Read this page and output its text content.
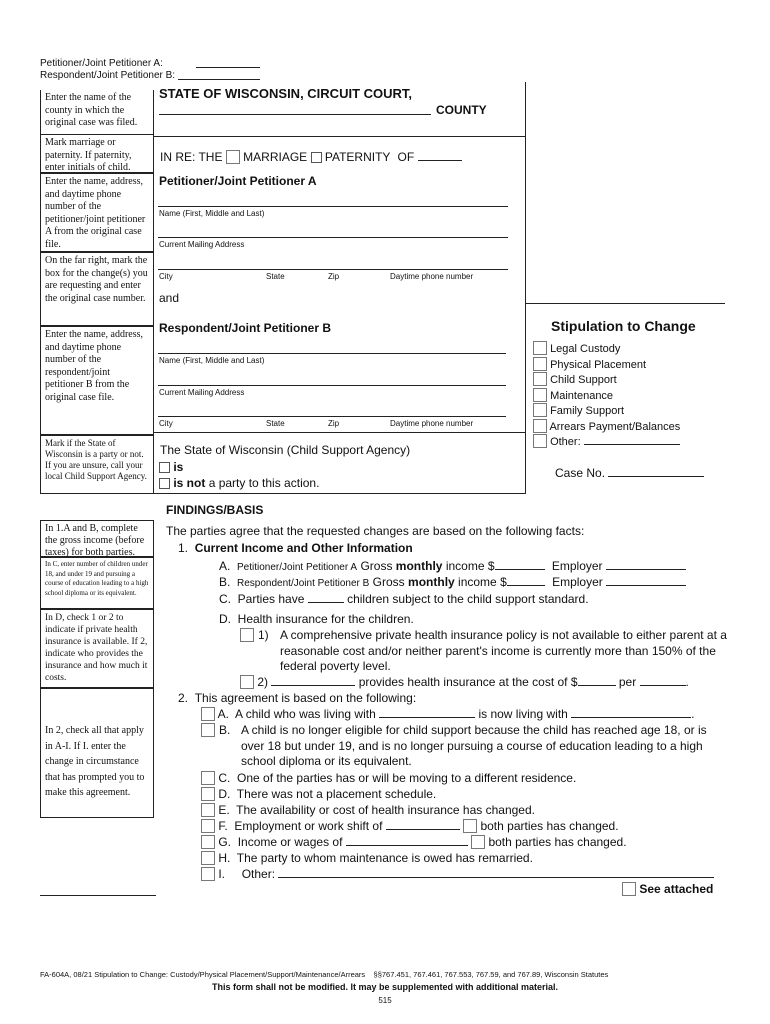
Petitioner/Joint Petitioner A:
Respondent/Joint Petitioner B:
STATE OF WISCONSIN, CIRCUIT COURT,
COUNTY
Enter the name of the county in which the original case was filed.
Mark marriage or paternity. If paternity, enter initials of child.
Enter the name, address, and daytime phone number of the petitioner/joint petitioner A from the original case file.
On the far right, mark the box for the change(s) you are requesting and enter the original case number.
Enter the name, address, and daytime phone number of the respondent/joint petitioner B from the original case file.
Mark if the State of Wisconsin is a party or not. If you are unsure, call your local Child Support Agency.
IN RE: THE MARRIAGE PATERNITY OF
Petitioner/Joint Petitioner A
Name (First, Middle and Last)
Current Mailing Address
City	State	Zip	Daytime phone number
and
Respondent/Joint Petitioner B
Name (First, Middle and Last)
Current Mailing Address
City	State	Zip	Daytime phone number
The State of Wisconsin (Child Support Agency)
is
is not a party to this action.
Stipulation to Change
Legal Custody
Physical Placement
Child Support
Maintenance
Family Support
Arrears Payment/Balances
Other:
Case No.
FINDINGS/BASIS
In 1.A and B, complete the gross income (before taxes) for both parties.
In C, enter number of children under 18, and under 19 and pursuing a course of education leading to a high school diploma or its equivalent.
In D, check 1 or 2 to indicate if private health insurance is available. If 2, indicate who provides the insurance and how much it costs.
In 2, check all that apply in A-I. If I. enter the change in circumstance that has prompted you to make this agreement.
The parties agree that the requested changes are based on the following facts:
1. Current Income and Other Information
A. Petitioner/Joint Petitioner A Gross monthly income $	Employer
B. Respondent/Joint Petitioner B Gross monthly income $	Employer
C. Parties have	children subject to the child support standard.
D. Health insurance for the children.
1) A comprehensive private health insurance policy is not available to either parent at a reasonable cost and/or neither parent's income is currently more than 150% of the federal poverty level.
2)	provides health insurance at the cost of $	per	.
2. This agreement is based on the following:
A. A child who was living with	is now living with	.
B. A child is no longer eligible for child support because the child has reached age 18, or is over 18 but under 19, and is no longer pursuing a course of education leading to a high school diploma or its equivalent.
C. One of the parties has or will be moving to a different residence.
D. There was not a placement schedule.
E. The availability or cost of health insurance has changed.
F. Employment or work shift of	both parties has changed.
G. Income or wages of	both parties has changed.
H. The party to whom maintenance is owed has remarried.
I. Other:
See attached
FA-604A, 08/21 Stipulation to Change: Custody/Physical Placement/Support/Maintenance/Arrears §§767.451, 767.461, 767.553, 767.59, and 767.89, Wisconsin Statutes
This form shall not be modified. It may be supplemented with additional material.
515
